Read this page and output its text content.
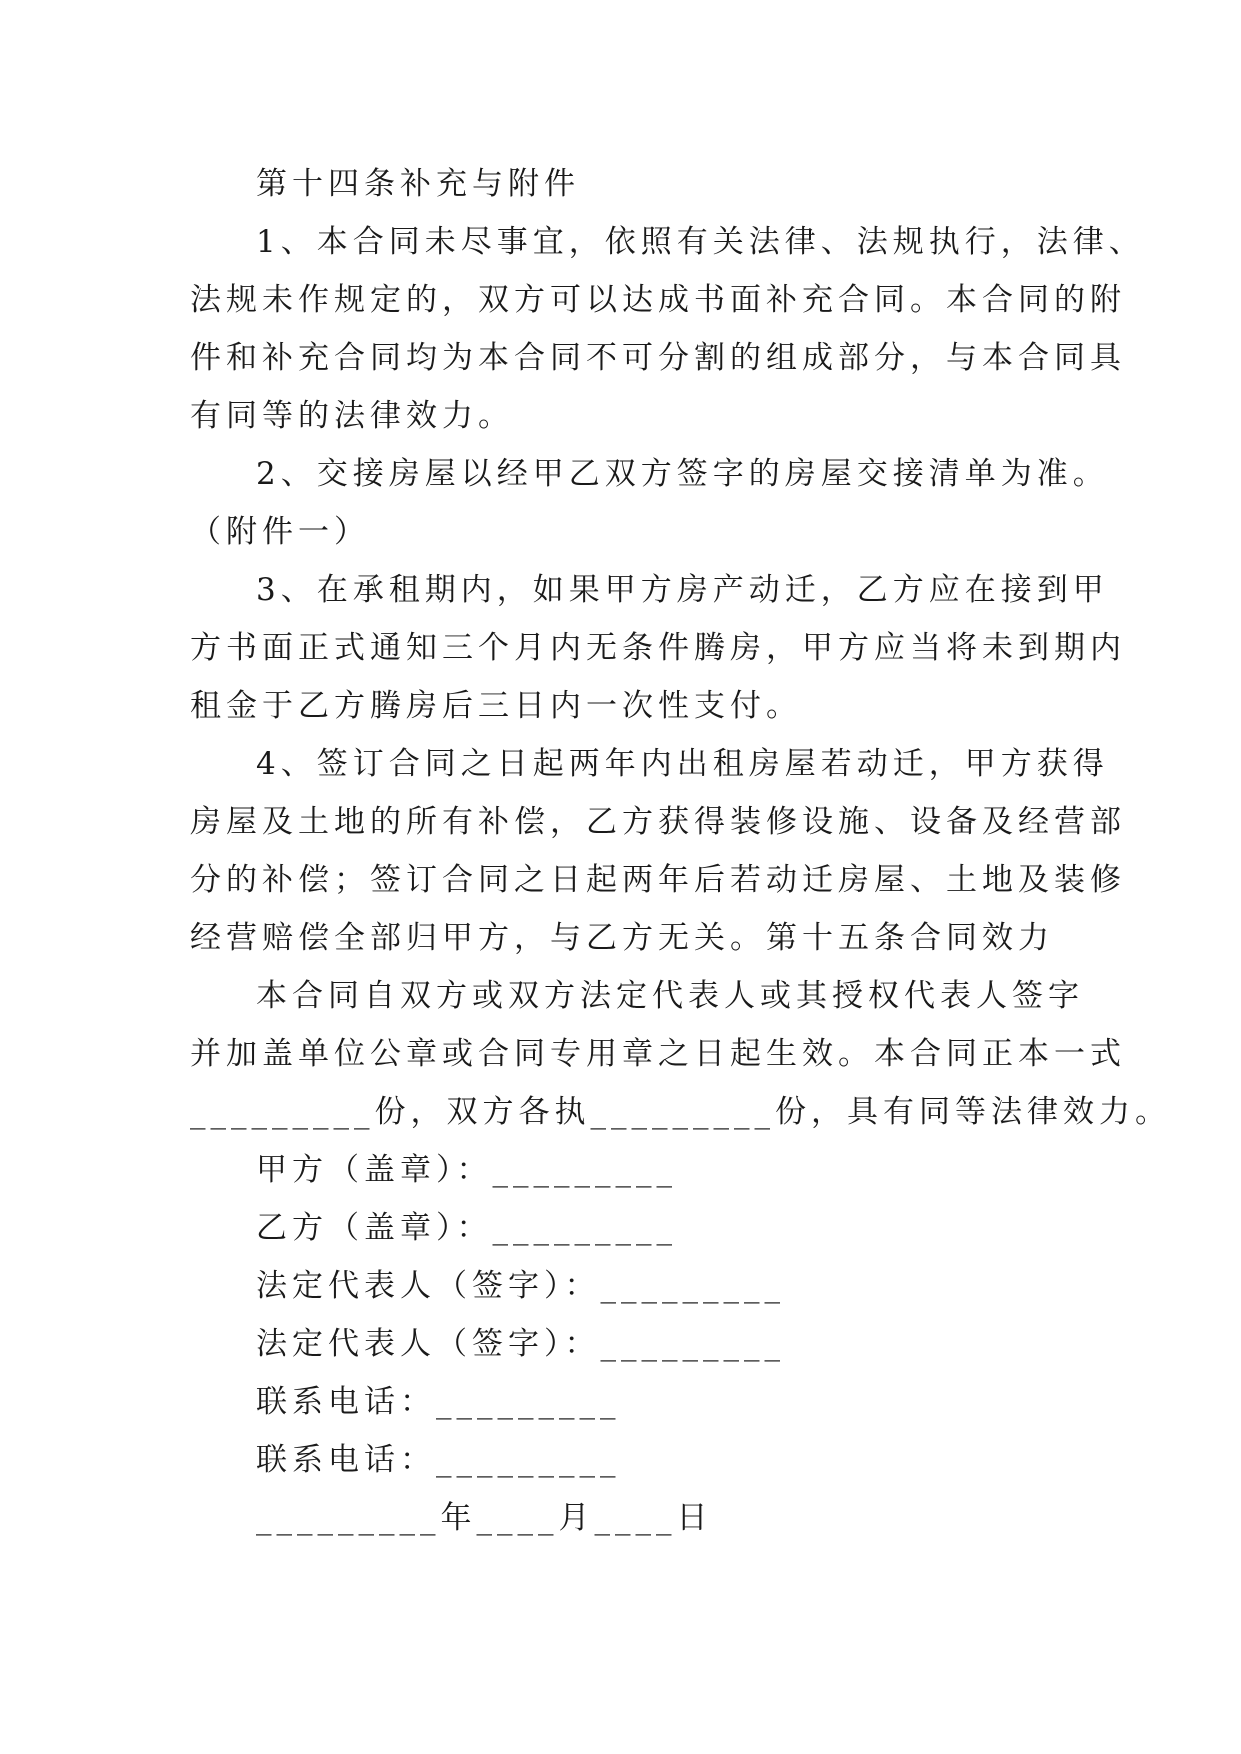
第十四条补充与附件
1、本合同未尽事宜，依照有关法律、法规执行，法律、
法规未作规定的，双方可以达成书面补充合同。本合同的附
件和补充合同均为本合同不可分割的组成部分，与本合同具
有同等的法律效力。
2、交接房屋以经甲乙双方签字的房屋交接清单为准。
（附件一）
3、在承租期内，如果甲方房产动迁，乙方应在接到甲
方书面正式通知三个月内无条件腾房，甲方应当将未到期内
租金于乙方腾房后三日内一次性支付。
4、签订合同之日起两年内出租房屋若动迁，甲方获得
房屋及土地的所有补偿，乙方获得装修设施、设备及经营部
分的补偿；签订合同之日起两年后若动迁房屋、土地及装修
经营赔偿全部归甲方，与乙方无关。第十五条合同效力
本合同自双方或双方法定代表人或其授权代表人签字
并加盖单位公章或合同专用章之日起生效。本合同正本一式
_________份，双方各执_________份，具有同等法律效力。
甲方（盖章）：_________
乙方（盖章）：_________
法定代表人（签字）：_________
法定代表人（签字）：_________
联系电话：_________
联系电话：_________
_________年____月____日
